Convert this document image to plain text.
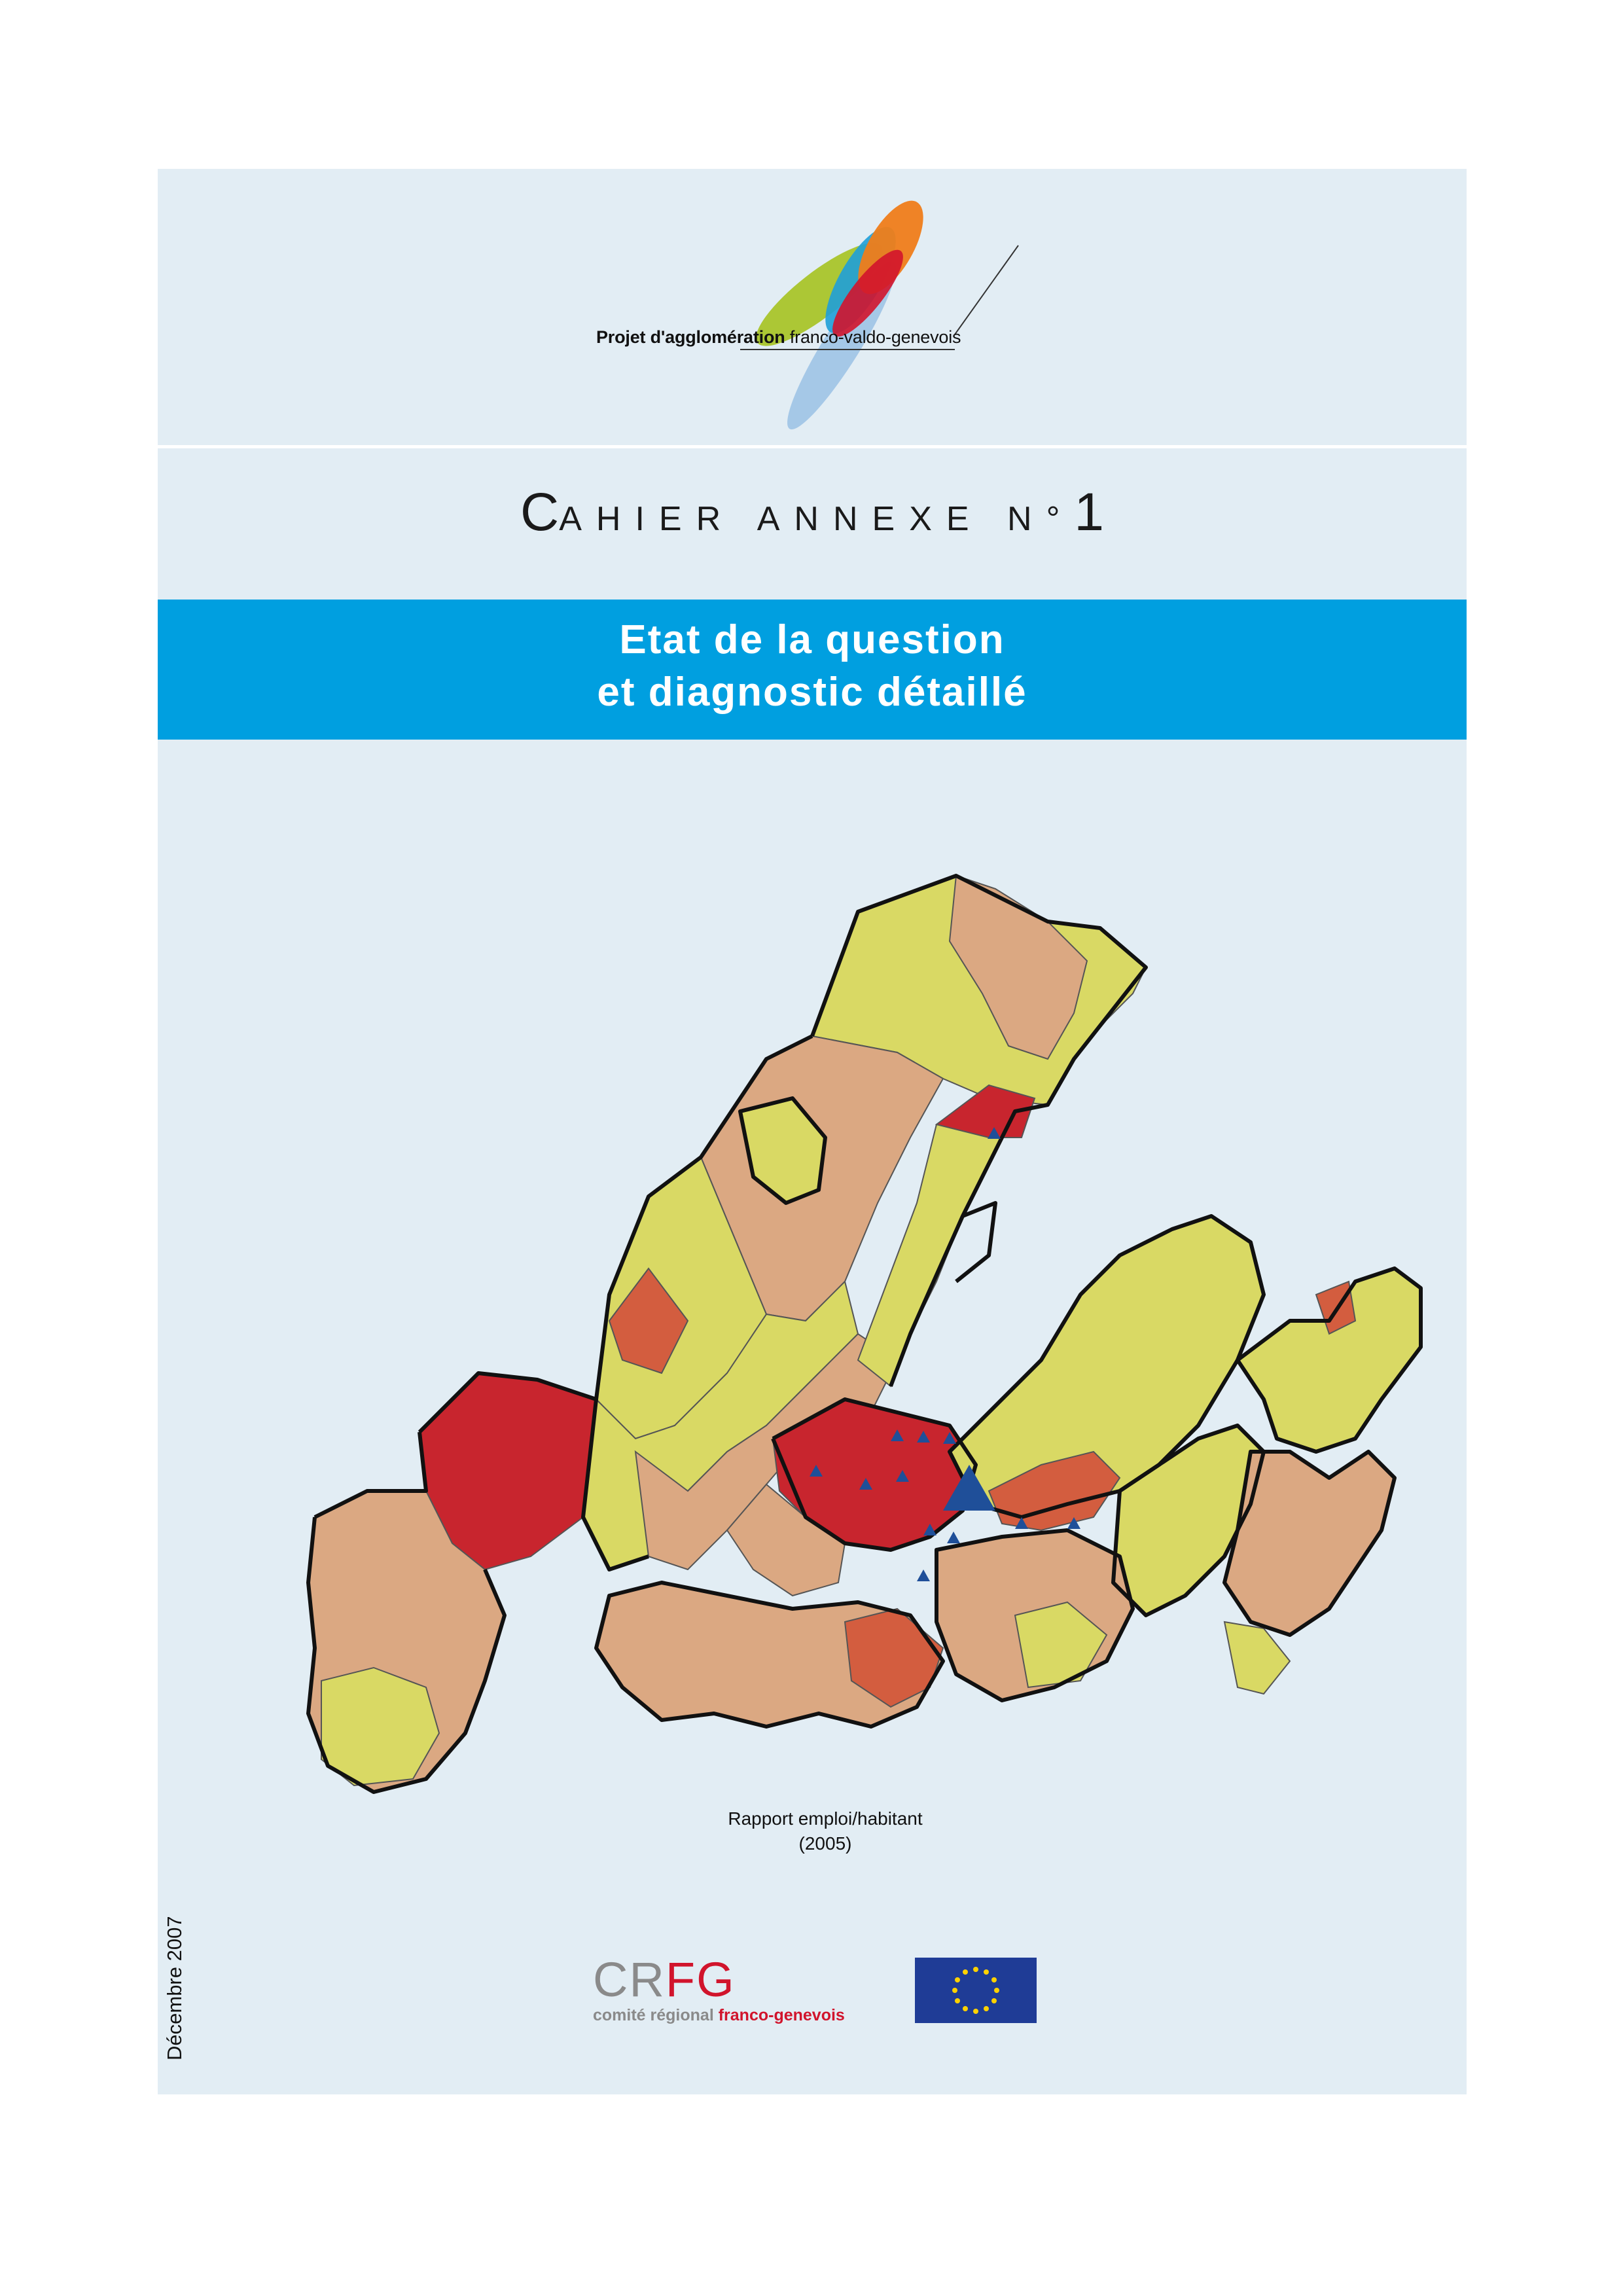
Projet d'agglomération franco-valdo-genevois
CAHIER ANNEXE N°1
Etat de la question
et diagnostic détaillé
Rapport emploi/habitant
(2005)
Décembre 2007	CRFG
comité régional franco-genevois
